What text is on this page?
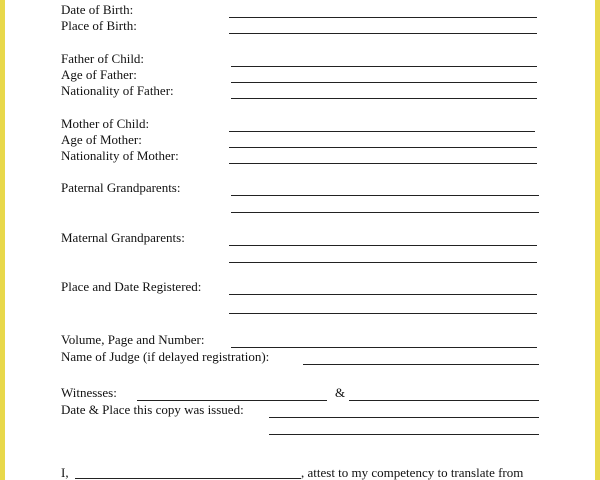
Date of Birth:
Place of Birth:
Father of Child:
Age of Father:
Nationality of Father:
Mother of Child:
Age of Mother:
Nationality of Mother:
Paternal Grandparents:
Maternal Grandparents:
Place and Date Registered:
Volume, Page and Number:
Name of Judge (if delayed registration):
Witnesses:	&
Date & Place this copy was issued:
I,	, attest to my competency to translate from
